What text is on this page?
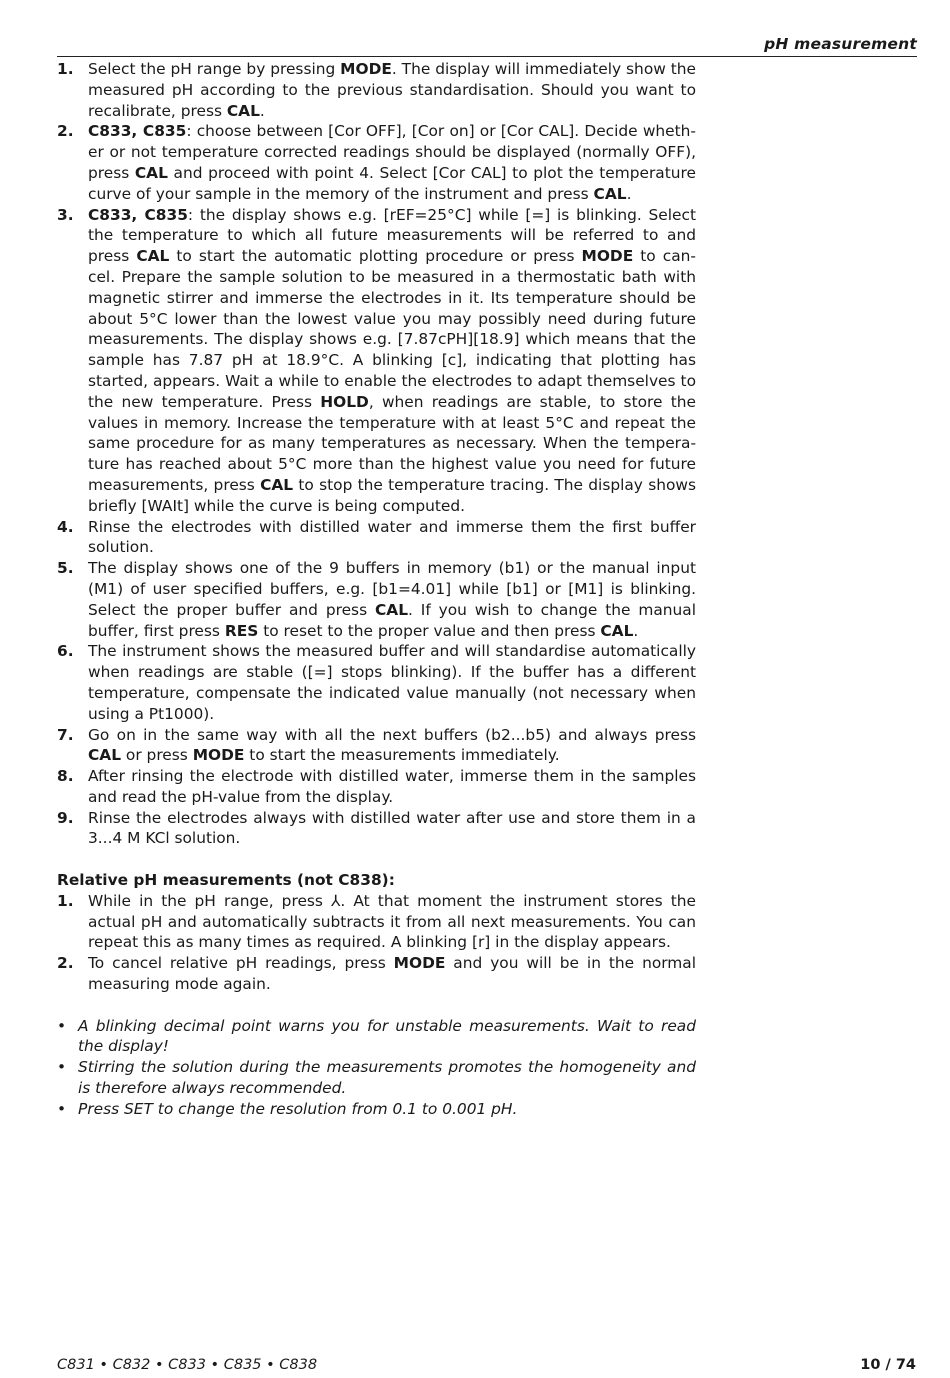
pH measurement
1. Select the pH range by pressing MODE. The display will immediately show the measured pH according to the previous standardisation. Should you want to recalibrate, press CAL.
2. C833, C835: choose between [Cor OFF], [Cor on] or [Cor CAL]. Decide wheth-er or not temperature corrected readings should be displayed (normally OFF), press CAL and proceed with point 4. Select [Cor CAL] to plot the temperature curve of your sample in the memory of the instrument and press CAL.
3. C833, C835: the display shows e.g. [rEF=25°C] while [=] is blinking. Select the temperature to which all future measurements will be referred to and press CAL to start the automatic plotting procedure or press MODE to can-cel. Prepare the sample solution to be measured in a thermostatic bath with magnetic stirrer and immerse the electrodes in it. Its temperature should be about 5°C lower than the lowest value you may possibly need during future measurements. The display shows e.g. [7.87cPH][18.9] which means that the sample has 7.87 pH at 18.9°C. A blinking [c], indicating that plotting has started, appears. Wait a while to enable the electrodes to adapt themselves to the new temperature. Press HOLD, when readings are stable, to store the values in memory. Increase the temperature with at least 5°C and repeat the same procedure for as many temperatures as necessary. When the tempera-ture has reached about 5°C more than the highest value you need for future measurements, press CAL to stop the temperature tracing. The display shows briefly [WAIt] while the curve is being computed.
4. Rinse the electrodes with distilled water and immerse them the first buffer solution.
5. The display shows one of the 9 buffers in memory (b1) or the manual input (M1) of user specified buffers, e.g. [b1=4.01] while [b1] or [M1] is blinking. Select the proper buffer and press CAL. If you wish to change the manual buffer, first press RES to reset to the proper value and then press CAL.
6. The instrument shows the measured buffer and will standardise automatically when readings are stable ([=] stops blinking). If the buffer has a different temperature, compensate the indicated value manually (not necessary when using a Pt1000).
7. Go on in the same way with all the next buffers (b2...b5) and always press CAL or press MODE to start the measurements immediately.
8. After rinsing the electrode with distilled water, immerse them in the samples and read the pH-value from the display.
9. Rinse the electrodes always with distilled water after use and store them in a 3...4 M KCl solution.
Relative pH measurements (not C838):
1. While in the pH range, press ⅄. At that moment the instrument stores the actual pH and automatically subtracts it from all next measurements. You can repeat this as many times as required. A blinking [r] in the display appears.
2. To cancel relative pH readings, press MODE and you will be in the normal measuring mode again.
• A blinking decimal point warns you for unstable measurements. Wait to read the display!
• Stirring the solution during the measurements promotes the homogeneity and is therefore always recommended.
• Press SET to change the resolution from 0.1 to 0.001 pH.
C831 • C832 • C833 • C835 • C838	10 / 74
